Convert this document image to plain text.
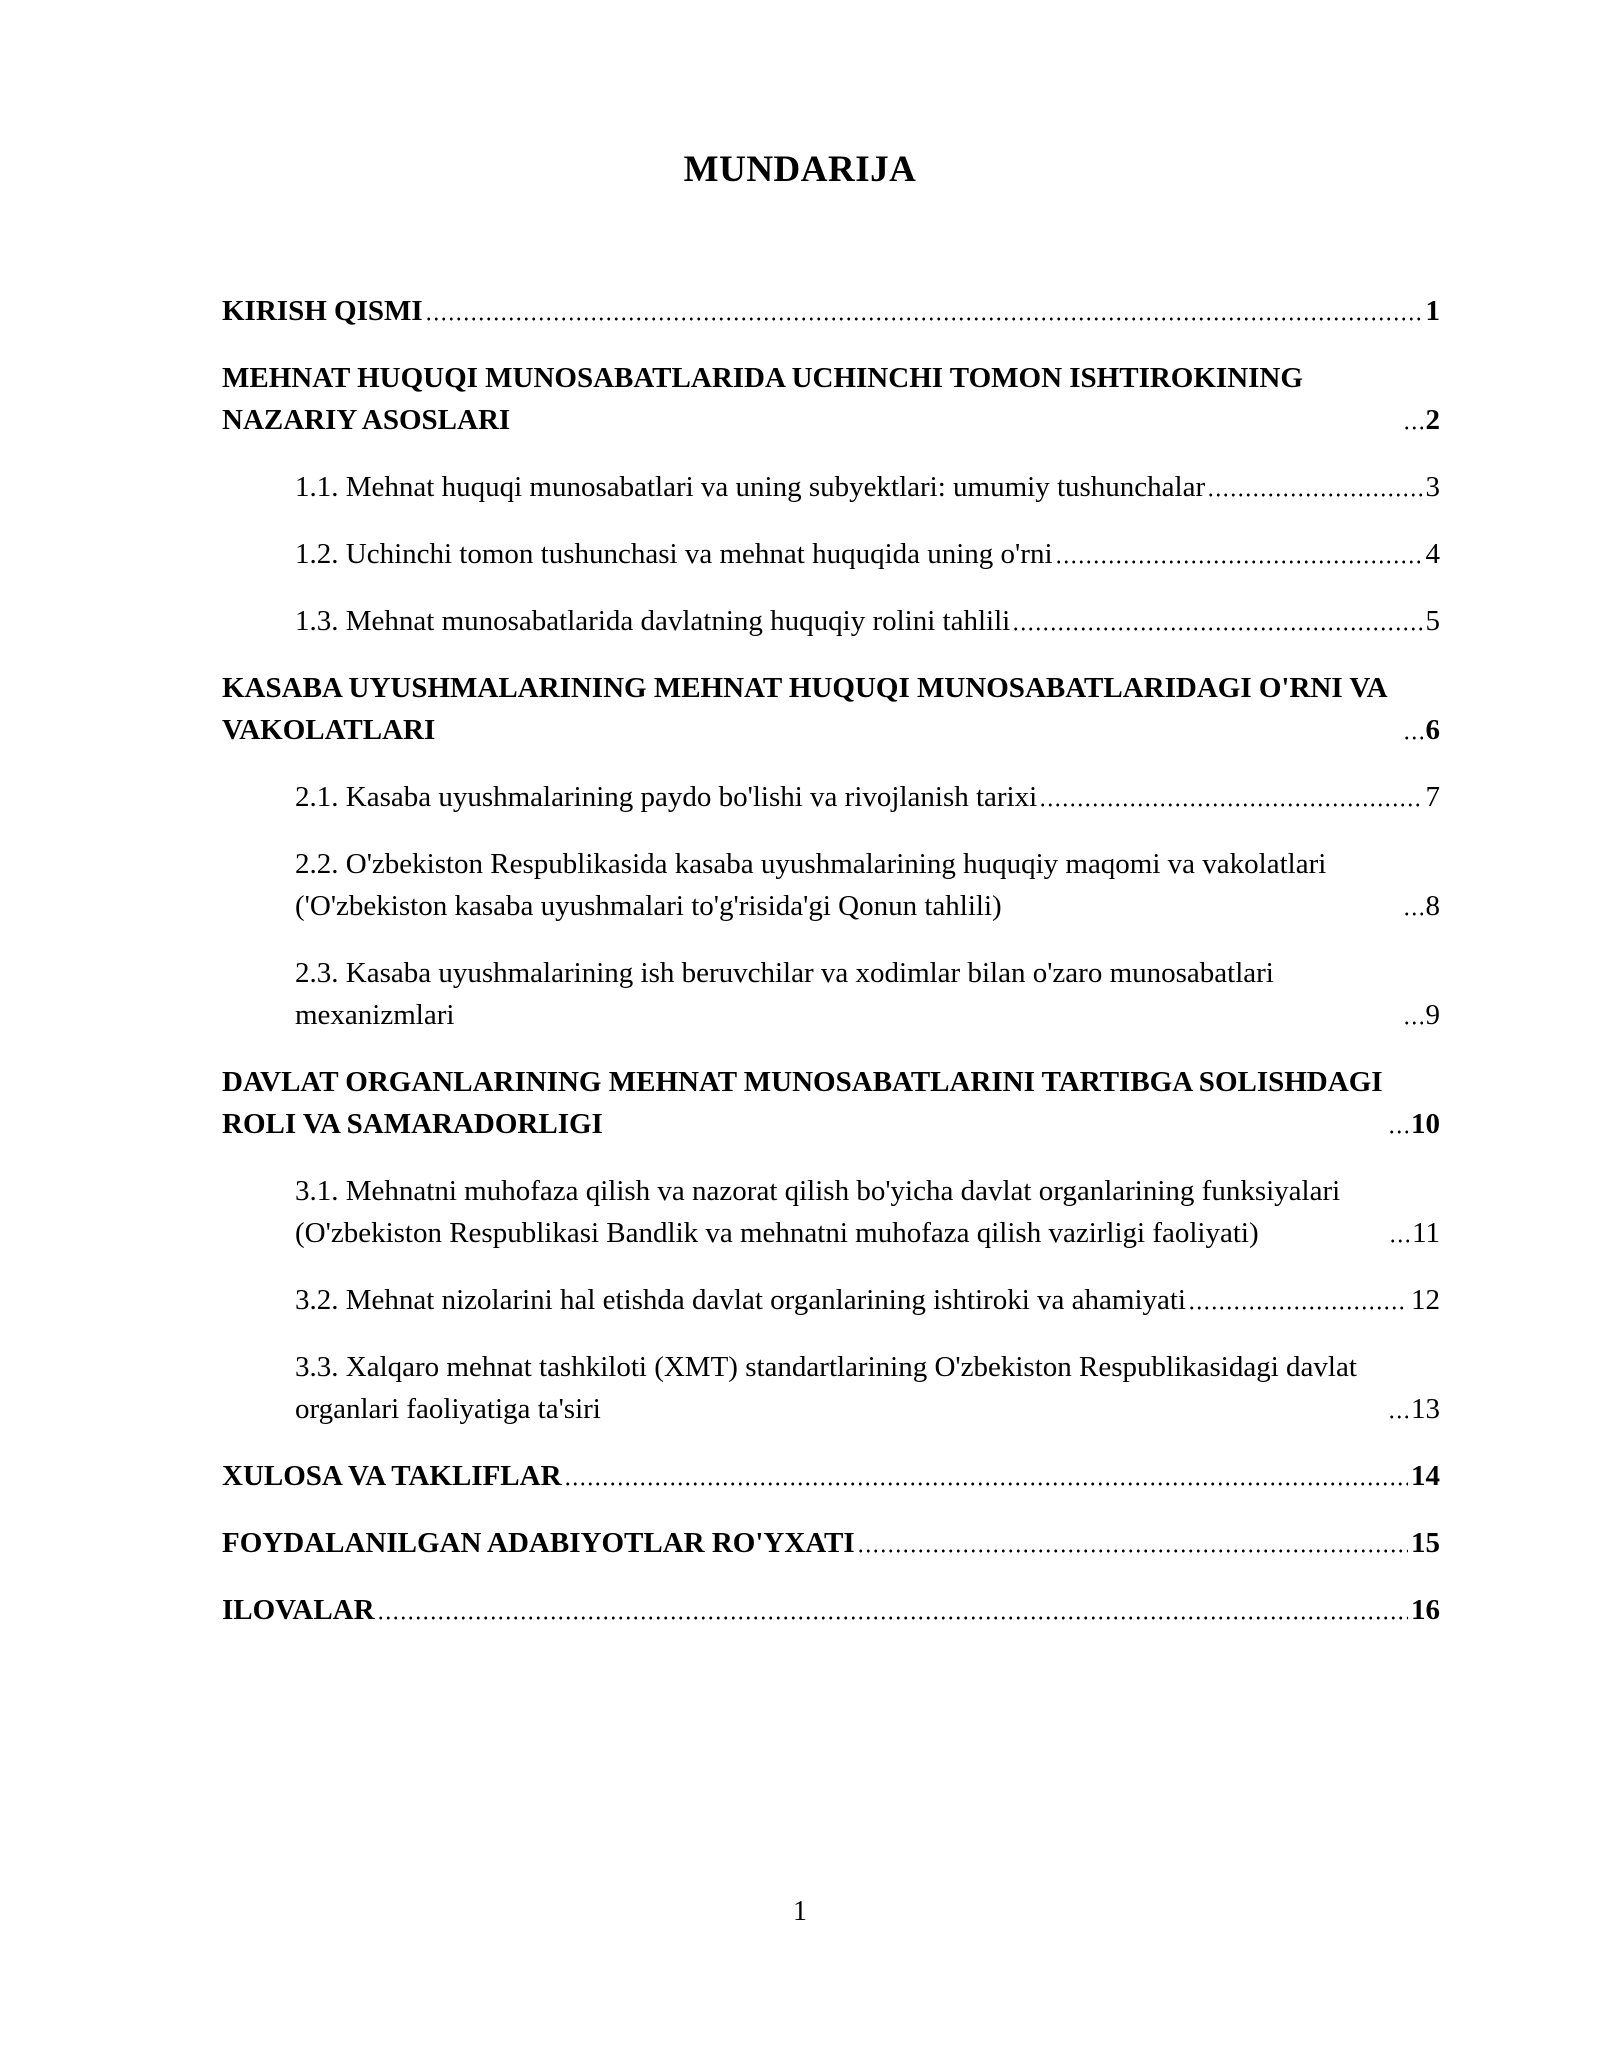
MUNDARIJA
KIRISH QISMI	1
MEHNAT HUQUQI MUNOSABATLARIDA UCHINCHI TOMON ISHTIROKINING NAZARIY ASOSLARI	2
1.1. Mehnat huquqi munosabatlari va uning subyektlari: umumiy tushunchalar	3
1.2. Uchinchi tomon tushunchasi va mehnat huquqida uning o'rni	4
1.3. Mehnat munosabatlarida davlatning huquqiy rolini tahlili	5
KASABA UYUSHMALARINING MEHNAT HUQUQI MUNOSABATLARIDAGI O'RNI VA VAKOLATLARI	6
2.1. Kasaba uyushmalarining paydo bo'lishi va rivojlanish tarixi	7
2.2. O'zbekiston Respublikasida kasaba uyushmalarining huquqiy maqomi va vakolatlari ('O'zbekiston kasaba uyushmalari to'g'risida'gi Qonun tahlili)	8
2.3. Kasaba uyushmalarining ish beruvchilar va xodimlar bilan o'zaro munosabatlari mexanizmlari	9
DAVLAT ORGANLARINING MEHNAT MUNOSABATLARINI TARTIBGA SOLISHDAGI ROLI VA SAMARADORLIGI	10
3.1. Mehnatni muhofaza qilish va nazorat qilish bo'yicha davlat organlarining funksiyalari (O'zbekiston Respublikasi Bandlik va mehnatni muhofaza qilish vazirligi faoliyati)	11
3.2. Mehnat nizolarini hal etishda davlat organlarining ishtiroki va ahamiyati	12
3.3. Xalqaro mehnat tashkiloti (XMT) standartlarining O'zbekiston Respublikasidagi davlat organlari faoliyatiga ta'siri	13
XULOSA VA TAKLIFLAR	14
FOYDALANILGAN ADABIYOTLAR RO'YXATI	15
ILOVALAR	16
1
